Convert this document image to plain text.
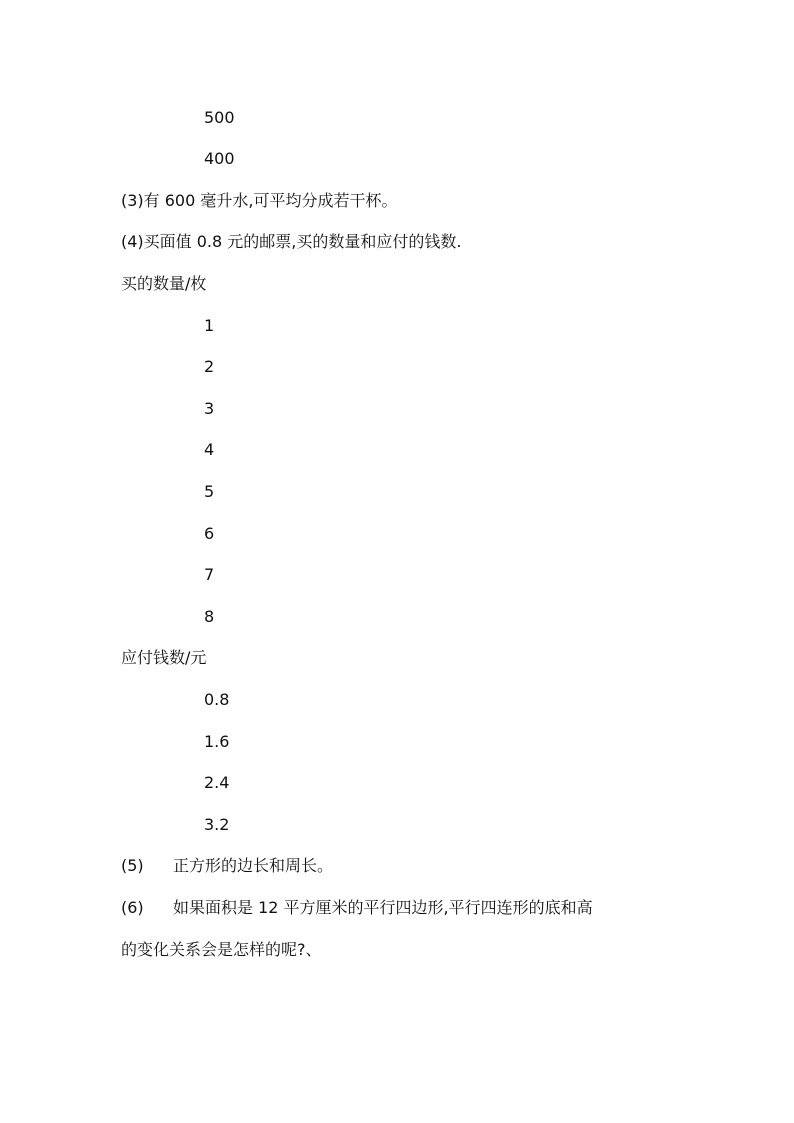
500
400
(3)有 600 毫升水,可平均分成若干杯。
(4)买面值 0.8 元的邮票,买的数量和应付的钱数.
买的数量/枚
1
2
3
4
5
6
7
8
应付钱数/元
0.8
1.6
2.4
3.2
(5) 正方形的边长和周长。
(6) 如果面积是 12 平方厘米的平行四边形,平行四连形的底和高
的变化关系会是怎样的呢?、
